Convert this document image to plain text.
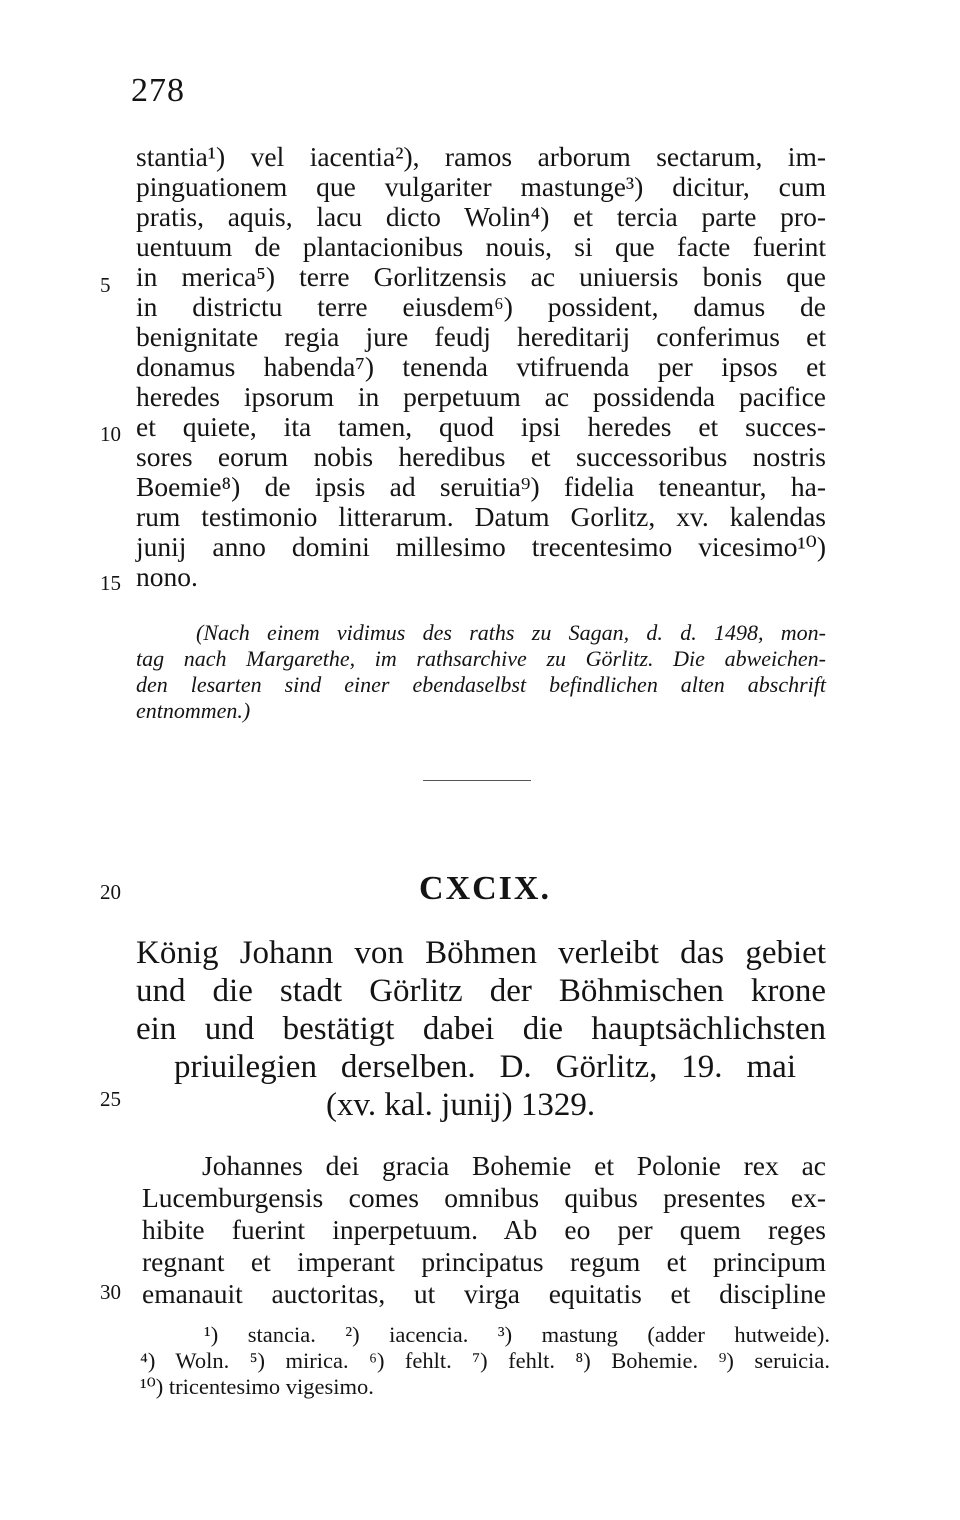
278
5
10
15
20
25
30
stantia¹) vel iacentia²), ramos arborum sectarum, im-
pinguationem que vulgariter mastunge³) dicitur, cum
pratis, aquis, lacu dicto Wolin⁴) et tercia parte pro-
uentuum de plantacionibus nouis, si que facte fuerint
in merica⁵) terre Gorlitzensis ac uniuersis bonis que
in districtu terre eiusdem⁶) possident, damus de
benignitate regia jure feudj hereditarij conferimus et
donamus habenda⁷) tenenda vtifruenda per ipsos et
heredes ipsorum in perpetuum ac possidenda pacifice
et quiete, ita tamen, quod ipsi heredes et succes-
sores eorum nobis heredibus et successoribus nostris
Boemie⁸) de ipsis ad seruitia⁹) fidelia teneantur, ha-
rum testimonio litterarum. Datum Gorlitz, xv. kalendas
junij anno domini millesimo trecentesimo vicesimo¹⁰)
nono.
(Nach einem vidimus des raths zu Sagan, d. d. 1498, mon-
tag nach Margarethe, im rathsarchive zu Görlitz. Die abweichen-
den lesarten sind einer ebendaselbst befindlichen alten abschrift
entnommen.)
CXCIX.
König Johann von Böhmen verleibt das gebiet
und die stadt Görlitz der Böhmischen krone
ein und bestätigt dabei die hauptsächlichsten
priuilegien derselben. D. Görlitz, 19. mai
(xv. kal. junij) 1329.
Johannes dei gracia Bohemie et Polonie rex ac
Lucemburgensis comes omnibus quibus presentes ex-
hibite fuerint inperpetuum. Ab eo per quem reges
regnant et imperant principatus regum et principum
emanauit auctoritas, ut virga equitatis et discipline
¹) stancia. ²) iacencia. ³) mastung (adder hutweide).
⁴) Woln. ⁵) mirica. ⁶) fehlt. ⁷) fehlt. ⁸) Bohemie. ⁹) seruicia.
¹⁰) tricentesimo vigesimo.
